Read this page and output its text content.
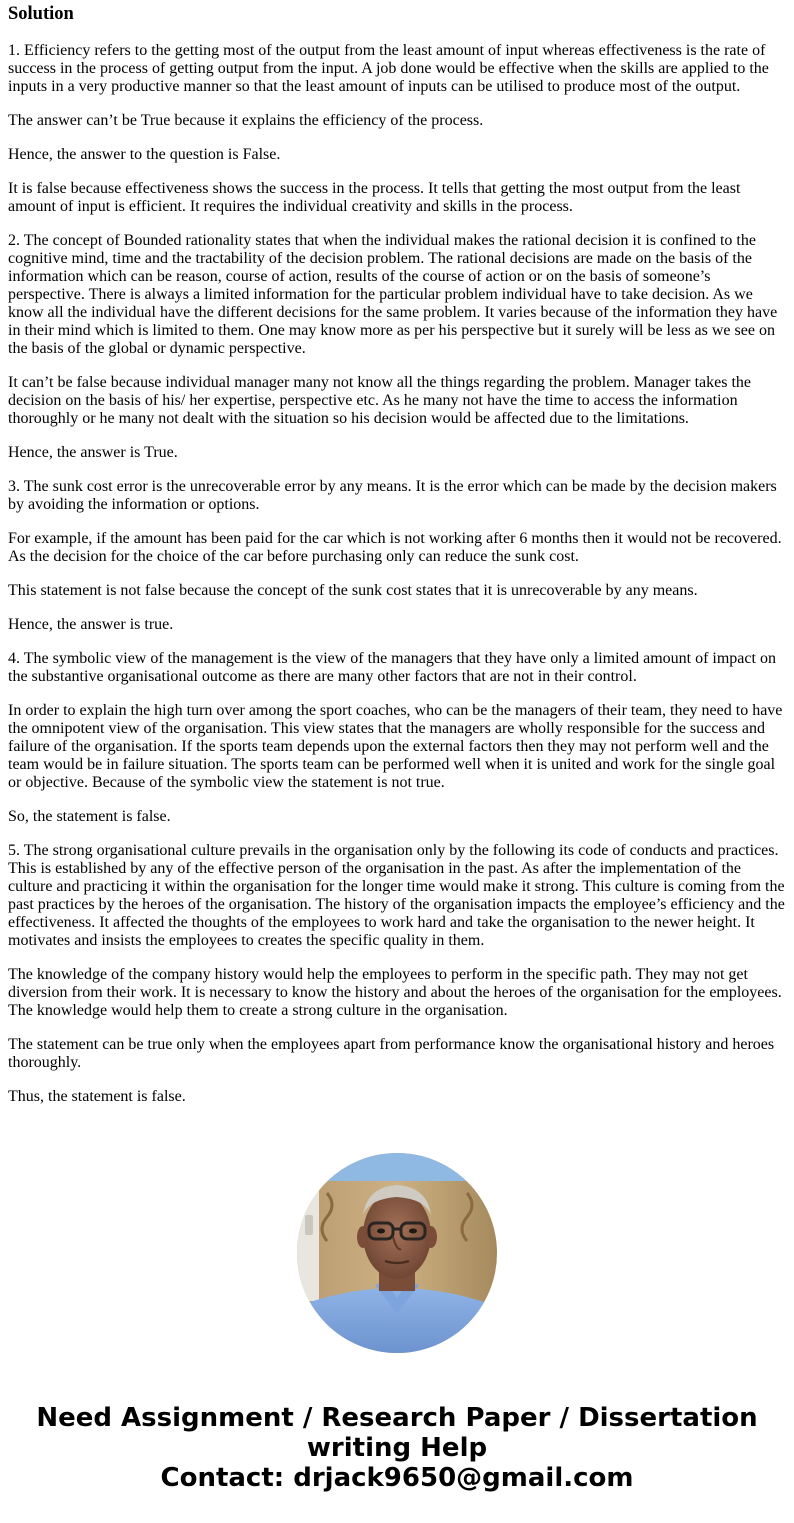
Solution

1. Efficiency refers to the getting most of the output from the least amount of input whereas effectiveness is the rate of success in the process of getting output from the input. A job done would be effective when the skills are applied to the inputs in a very productive manner so that the least amount of inputs can be utilised to produce most of the output.

The answer can’t be True because it explains the efficiency of the process.

Hence, the answer to the question is False.

It is false because effectiveness shows the success in the process. It tells that getting the most output from the least amount of input is efficient. It requires the individual creativity and skills in the process.

2. The concept of Bounded rationality states that when the individual makes the rational decision it is confined to the cognitive mind, time and the tractability of the decision problem. The rational decisions are made on the basis of the information which can be reason, course of action, results of the course of action or on the basis of someone’s perspective. There is always a limited information for the particular problem individual have to take decision. As we know all the individual have the different decisions for the same problem. It varies because of the information they have in their mind which is limited to them. One may know more as per his perspective but it surely will be less as we see on the basis of the global or dynamic perspective.

It can’t be false because individual manager many not know all the things regarding the problem. Manager takes the decision on the basis of his/ her expertise, perspective etc. As he many not have the time to access the information thoroughly or he many not dealt with the situation so his decision would be affected due to the limitations.

Hence, the answer is True.

3. The sunk cost error is the unrecoverable error by any means. It is the error which can be made by the decision makers by avoiding the information or options.

For example, if the amount has been paid for the car which is not working after 6 months then it would not be recovered. As the decision for the choice of the car before purchasing only can reduce the sunk cost.

This statement is not false because the concept of the sunk cost states that it is unrecoverable by any means.

Hence, the answer is true.

4. The symbolic view of the management is the view of the managers that they have only a limited amount of impact on the substantive organisational outcome as there are many other factors that are not in their control.

In order to explain the high turn over among the sport coaches, who can be the managers of their team, they need to have the omnipotent view of the organisation. This view states that the managers are wholly responsible for the success and failure of the organisation. If the sports team depends upon the external factors then they may not perform well and the team would be in failure situation. The sports team can be performed well when it is united and work for the single goal or objective. Because of the symbolic view the statement is not true.

So, the statement is false.

5. The strong organisational culture prevails in the organisation only by the following its code of conducts and practices. This is established by any of the effective person of the organisation in the past. As after the implementation of the culture and practicing it within the organisation for the longer time would make it strong. This culture is coming from the past practices by the heroes of the organisation. The history of the organisation impacts the employee’s efficiency and the effectiveness. It affected the thoughts of the employees to work hard and take the organisation to the newer height. It motivates and insists the employees to creates the specific quality in them.

The knowledge of the company history would help the employees to perform in the specific path. They may not get diversion from their work. It is necessary to know the history and about the heroes of the organisation for the employees. The knowledge would help them to create a strong culture in the organisation.

The statement can be true only when the employees apart from performance know the organisational history and heroes thoroughly.

Thus, the statement is false.

Need Assignment / Research Paper / Dissertation
writing Help
Contact: drjack9650@gmail.com
